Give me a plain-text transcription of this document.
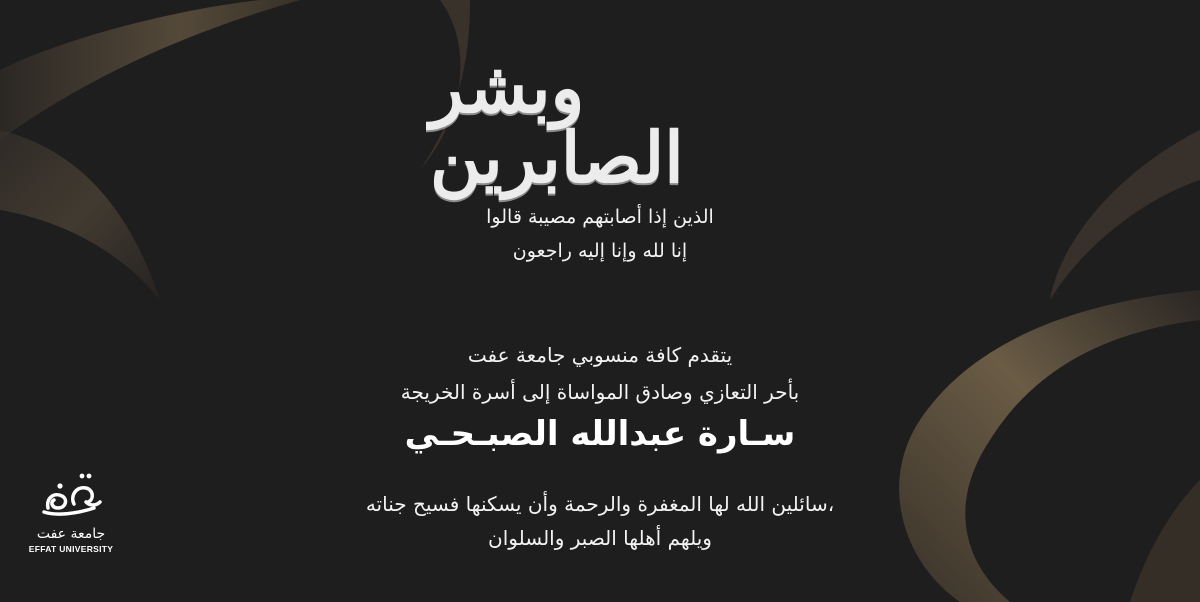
وبشر الصابرين
الذين إذا أصابتهم مصيبة قالوا
إنا لله وإنا إليه راجعون
يتقدم كافة منسوبي جامعة عفت
بأحر التعازي وصادق المواساة إلى أسرة الخريجة
سـارة عبدالله الصبـحـي
سائلين الله لها المغفرة والرحمة وأن يسكنها فسيح جناته،
ويلهم أهلها الصبر والسلوان
جامعة عفت
EFFAT UNIVERSITY
